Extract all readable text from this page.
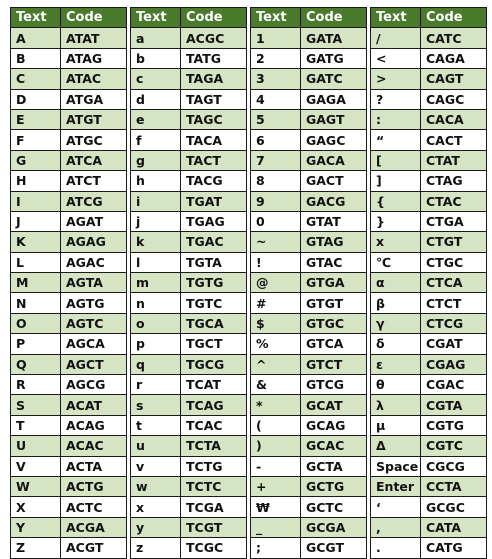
Text	Code
A	ATAT
B	ATAG
C	ATAC
D	ATGA
E	ATGT
F	ATGC
G	ATCA
H	ATCT
I	ATCG
J	AGAT
K	AGAG
L	AGAC
M	AGTA
N	AGTG
O	AGTC
P	AGCA
Q	AGCT
R	AGCG
S	ACAT
T	ACAG
U	ACAC
V	ACTA
W	ACTG
X	ACTC
Y	ACGA
Z	ACGT
Text	Code
a	ACGC
b	TATG
c	TAGA
d	TAGT
e	TAGC
f	TACA
g	TACT
h	TACG
i	TGAT
j	TGAG
k	TGAC
l	TGTA
m	TGTG
n	TGTC
o	TGCA
p	TGCT
q	TGCG
r	TCAT
s	TCAG
t	TCAC
u	TCTA
v	TCTG
w	TCTC
x	TCGA
y	TCGT
z	TCGC
Text	Code
1	GATA
2	GATG
3	GATC
4	GAGA
5	GAGT
6	GAGC
7	GACA
8	GACT
9	GACG
0	GTAT
~	GTAG
!	GTAC
@	GTGA
#	GTGT
$	GTGC
%	GTCA
^	GTCT
&	GTCG
*	GCAT
(	GCAG
)	GCAC
-	GCTA
+	GCTG
₩	GCTC
_	GCGA
;	GCGT
Text	Code
/	CATC
<	CAGA
>	CAGT
?	CAGC
:	CACA
“	CACT
[	CTAT
]	CTAG
{	CTAC
}	CTGA
x	CTGT
℃	CTGC
α	CTCA
β	CTCT
γ	CTCG
δ	CGAT
ε	CGAG
θ	CGAC
λ	CGTA
μ	CGTG
Δ	CGTC
Space	CGCG
Enter	CCTA
‘	GCGC
,	CATA
.	CATG
